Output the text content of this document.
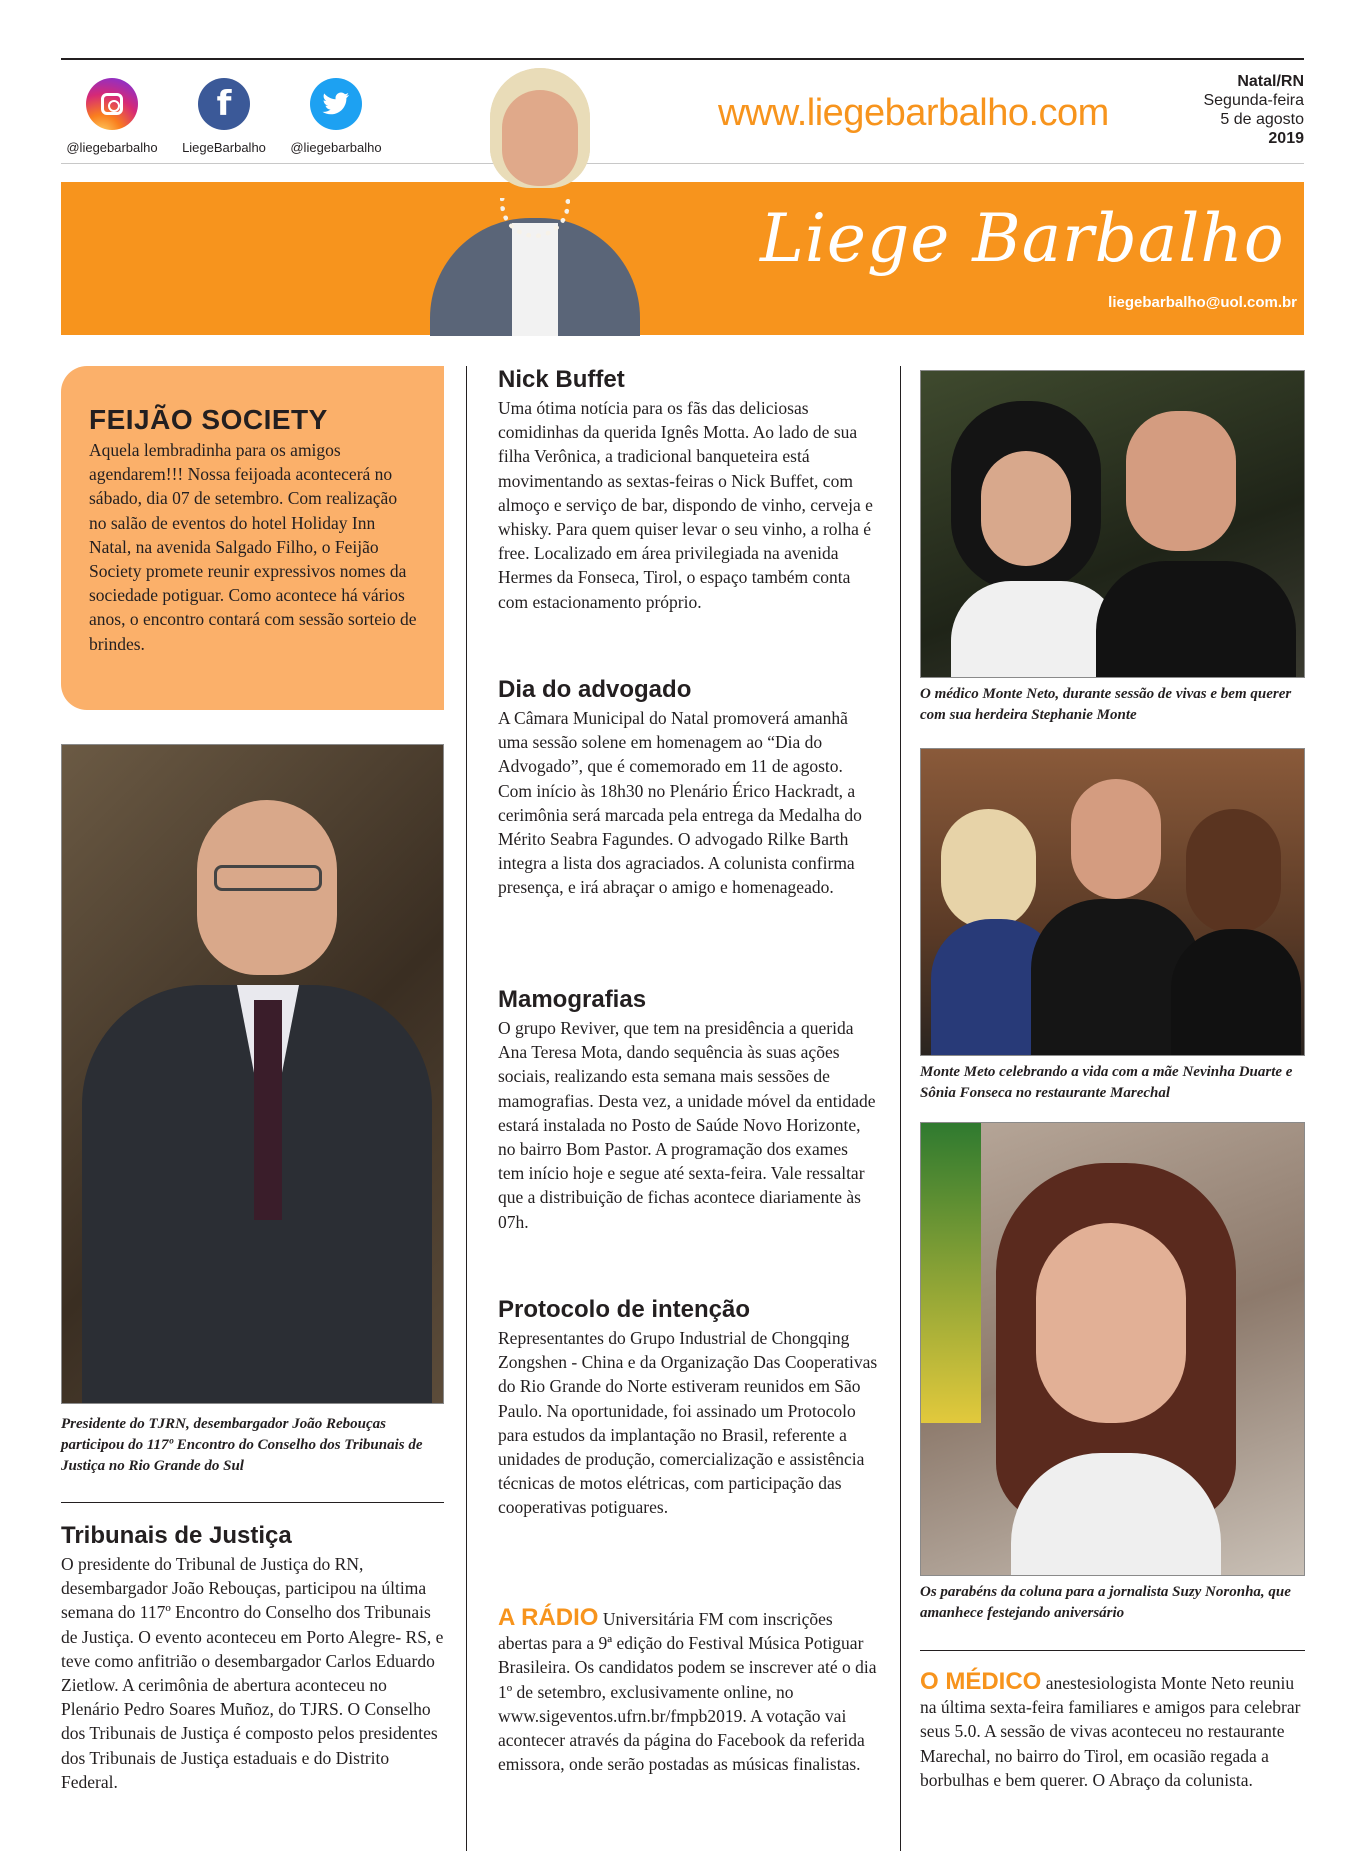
@liegebarbalho
f
LiegeBarbalho	@liegebarbalho
www.liegebarbalho.com
Natal/RN
Segunda-feira
5 de agosto
2019
Liege Barbalho
liegebarbalho@uol.com.br
FEIJÃO SOCIETY
Aquela lembradinha para os amigos agendarem!!! Nossa feijoada acontecerá no sábado, dia 07 de setembro. Com realização no salão de eventos do hotel Holiday Inn Natal, na avenida Salgado Filho, o Feijão Society promete reunir expressivos nomes da sociedade potiguar. Como acontece há vários anos, o encontro contará com sessão sorteio de brindes.
Presidente do TJRN, desembargador João Rebouças participou do 117º Encontro do Conselho dos Tribunais de Justiça no Rio Grande do Sul
Tribunais de Justiça
O presidente do Tribunal de Justiça do RN, desembargador João Rebouças, participou na última semana do 117º Encontro do Conselho dos Tribunais de Justiça. O evento aconteceu em Porto Alegre- RS, e teve como anfitrião o desembargador Carlos Eduardo Zietlow. A cerimônia de abertura aconteceu no Plenário Pedro Soares Muñoz, do TJRS. O Conselho dos Tribunais de Justiça é composto pelos presidentes dos Tribunais de Justiça estaduais e do Distrito Federal.
Nick Buffet
Uma ótima notícia para os fãs das deliciosas comidinhas da querida Ignês Motta. Ao lado de sua filha Verônica, a tradicional banqueteira está movimentando as sextas-feiras o Nick Buffet, com almoço e serviço de bar, dispondo de vinho, cerveja e whisky. Para quem quiser levar o seu vinho, a rolha é free. Localizado em área privilegiada na avenida Hermes da Fonseca, Tirol, o espaço também conta com estacionamento próprio.
Dia do advogado
A Câmara Municipal do Natal promoverá amanhã uma sessão solene em homenagem ao “Dia do Advogado”, que é comemorado em 11 de agosto. Com início às 18h30 no Plenário Érico Hackradt, a cerimônia será marcada pela entrega da Medalha do Mérito Seabra Fagundes. O advogado Rilke Barth integra a lista dos agraciados. A colunista confirma presença, e irá abraçar o amigo e homenageado.
Mamografias
O grupo Reviver, que tem na presidência a querida Ana Teresa Mota, dando sequência às suas ações sociais, realizando esta semana mais sessões de mamografias. Desta vez, a unidade móvel da entidade estará instalada no Posto de Saúde Novo Horizonte, no bairro Bom Pastor. A programação dos exames tem início hoje e segue até sexta-feira. Vale ressaltar que a distribuição de fichas acontece diariamente às 07h.
Protocolo de intenção
Representantes do Grupo Industrial de Chongqing Zongshen - China e da Organização Das Cooperativas do Rio Grande do Norte estiveram reunidos em São Paulo. Na oportunidade, foi assinado um Protocolo para estudos da implantação no Brasil, referente a unidades de produção, comercialização e assistência técnicas de motos elétricas, com participação das cooperativas potiguares.
A RÁDIO Universitária FM com inscrições abertas para a 9ª edição do Festival Música Potiguar Brasileira. Os candidatos podem se inscrever até o dia 1º de setembro, exclusivamente online, no www.sigeventos.ufrn.br/fmpb2019. A votação vai acontecer através da página do Facebook da referida emissora, onde serão postadas as músicas finalistas.
O médico Monte Neto, durante sessão de vivas e bem querer com sua herdeira Stephanie Monte
Monte Meto celebrando a vida com a mãe Nevinha Duarte e Sônia Fonseca no restaurante Marechal
Os parabéns da coluna para a jornalista Suzy Noronha, que amanhece festejando aniversário
O MÉDICO anestesiologista Monte Neto reuniu na última sexta-feira familiares e amigos para celebrar seus 5.0. A sessão de vivas aconteceu no restaurante Marechal, no bairro do Tirol, em ocasião regada a borbulhas e bem querer. O Abraço da colunista.
